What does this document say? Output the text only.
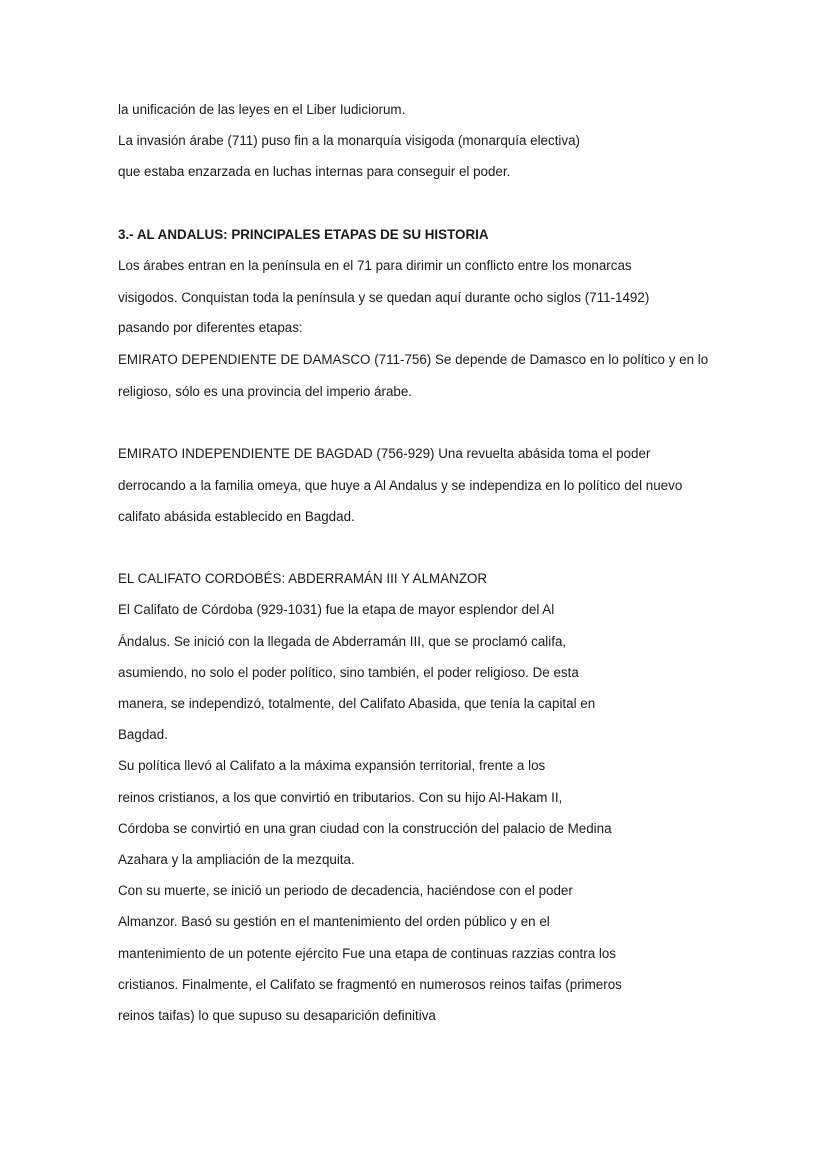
la unificación de las leyes en el Liber Iudiciorum.
La invasión árabe (711) puso fin a la monarquía visigoda (monarquía electiva)
que estaba enzarzada en luchas internas para conseguir el poder.
3.- AL ANDALUS: PRINCIPALES ETAPAS DE SU HISTORIA
Los árabes entran en la península en el 71 para dirimir un conflicto entre los monarcas
visigodos. Conquistan toda la península y se quedan aquí durante ocho siglos (711-1492)
pasando por diferentes etapas:
EMIRATO DEPENDIENTE DE DAMASCO (711-756) Se depende de Damasco en lo político y en lo
religioso, sólo es una provincia del imperio árabe.
EMIRATO INDEPENDIENTE DE BAGDAD (756-929) Una revuelta abásida toma el poder
derrocando a la familia omeya, que huye a Al Andalus y se independiza en lo político del nuevo
califato abásida establecido en Bagdad.
EL CALIFATO CORDOBÉS: ABDERRAMÁN III Y ALMANZOR
El Califato de Córdoba (929-1031) fue la etapa de mayor esplendor del Al
Ándalus. Se inició con la llegada de Abderramán III, que se proclamó califa,
asumiendo, no solo el poder político, sino también, el poder religioso. De esta
manera, se independizó, totalmente, del Califato Abasida, que tenía la capital en
Bagdad.
Su política llevó al Califato a la máxima expansión territorial, frente a los
reinos cristianos, a los que convirtió en tributarios. Con su hijo Al-Hakam II,
Córdoba se convirtió en una gran ciudad con la construcción del palacio de Medina
Azahara y la ampliación de la mezquita.
Con su muerte, se inició un periodo de decadencia, haciéndose con el poder
Almanzor. Basó su gestión en el mantenimiento del orden público y en el
mantenimiento de un potente ejército Fue una etapa de continuas razzias contra los
cristianos. Finalmente, el Califato se fragmentó en numerosos reinos taifas (primeros
reinos taifas) lo que supuso su desaparición definitiva
